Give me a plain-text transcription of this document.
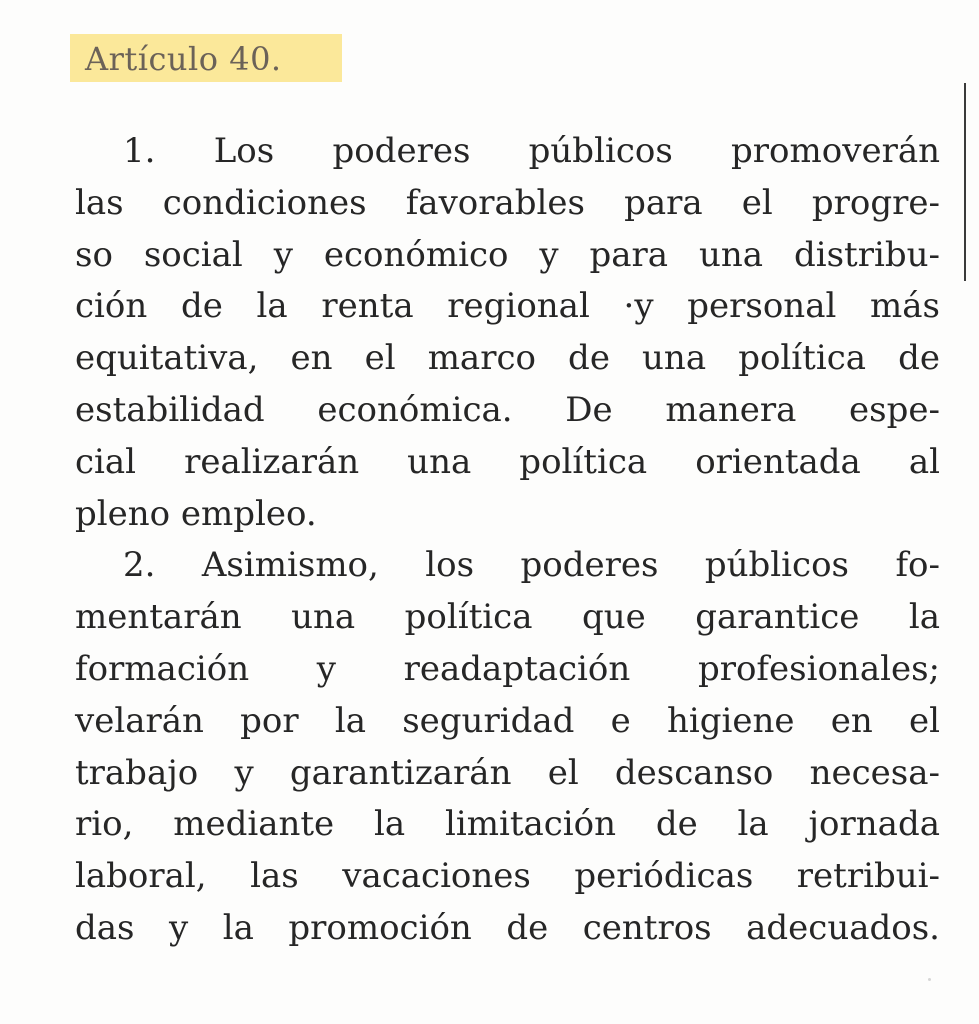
Artículo 40.
1. Los poderes públicos promoverán
las condiciones favorables para el progre-
so social y económico y para una distribu-
ción de la renta regional ·y personal más
equitativa, en el marco de una política de
estabilidad económica. De manera espe-
cial realizarán una política orientada al
pleno empleo.
2. Asimismo, los poderes públicos fo-
mentarán una política que garantice la
formación y readaptación profesionales;
velarán por la seguridad e higiene en el
trabajo y garantizarán el descanso necesa-
rio, mediante la limitación de la jornada
laboral, las vacaciones periódicas retribui-
das y la promoción de centros adecuados.
